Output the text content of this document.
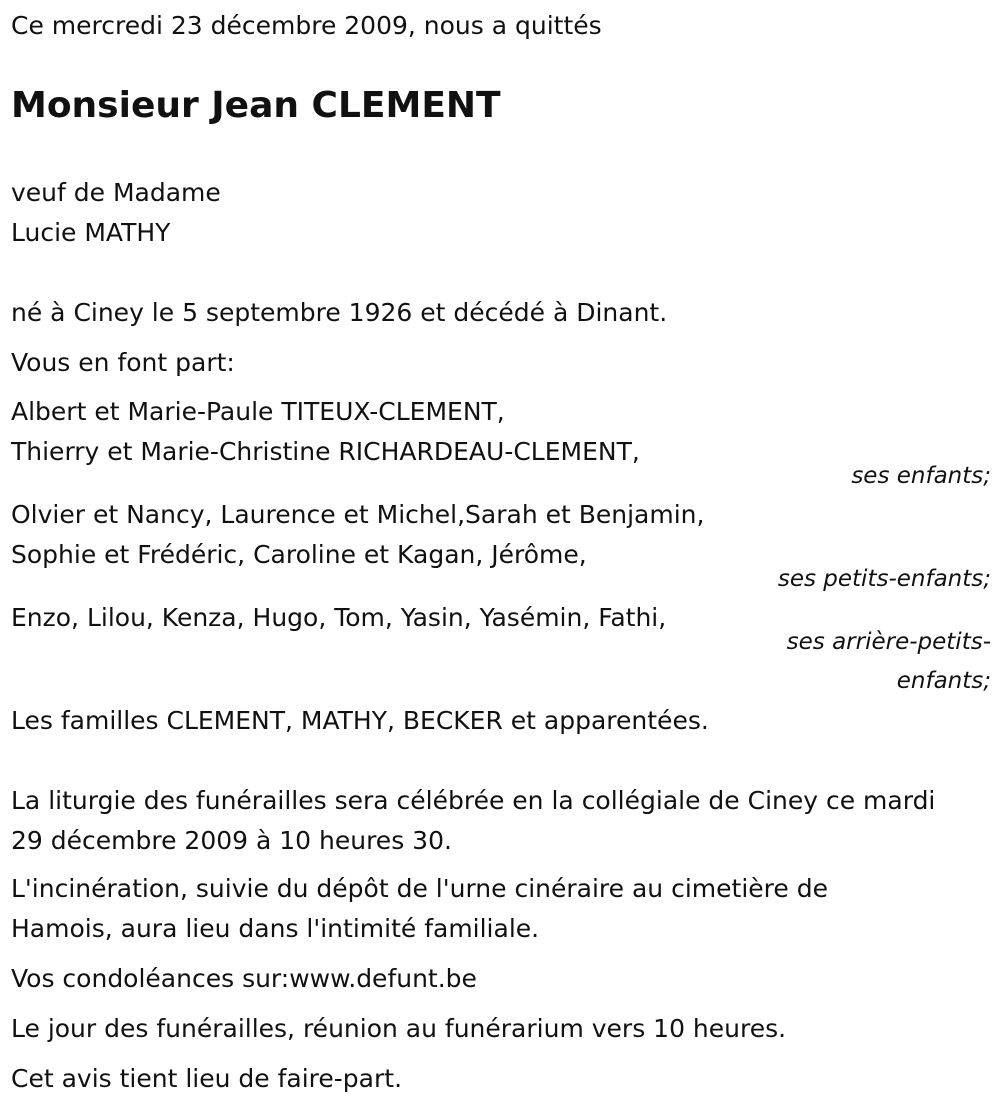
Ce mercredi 23 décembre 2009, nous a quittés
Monsieur Jean CLEMENT
veuf de Madame
Lucie MATHY
né à Ciney le 5 septembre 1926 et décédé à Dinant.
Vous en font part:
Albert et Marie-Paule TITEUX-CLEMENT,
Thierry et Marie-Christine RICHARDEAU-CLEMENT,
ses enfants;
Olvier et Nancy, Laurence et Michel,Sarah et Benjamin,
Sophie et Frédéric, Caroline et Kagan, Jérôme,
ses petits-enfants;
Enzo, Lilou, Kenza, Hugo, Tom, Yasin, Yasémin, Fathi,
ses arrière-petits-enfants;
Les familles CLEMENT, MATHY, BECKER et apparentées.
La liturgie des funérailles sera célébrée en la collégiale de Ciney ce mardi
29 décembre 2009 à 10 heures 30.
L'incinération, suivie du dépôt de l'urne cinéraire au cimetière de
Hamois, aura lieu dans l'intimité familiale.
Vos condoléances sur:www.defunt.be
Le jour des funérailles, réunion au funérarium vers 10 heures.
Cet avis tient lieu de faire-part.
